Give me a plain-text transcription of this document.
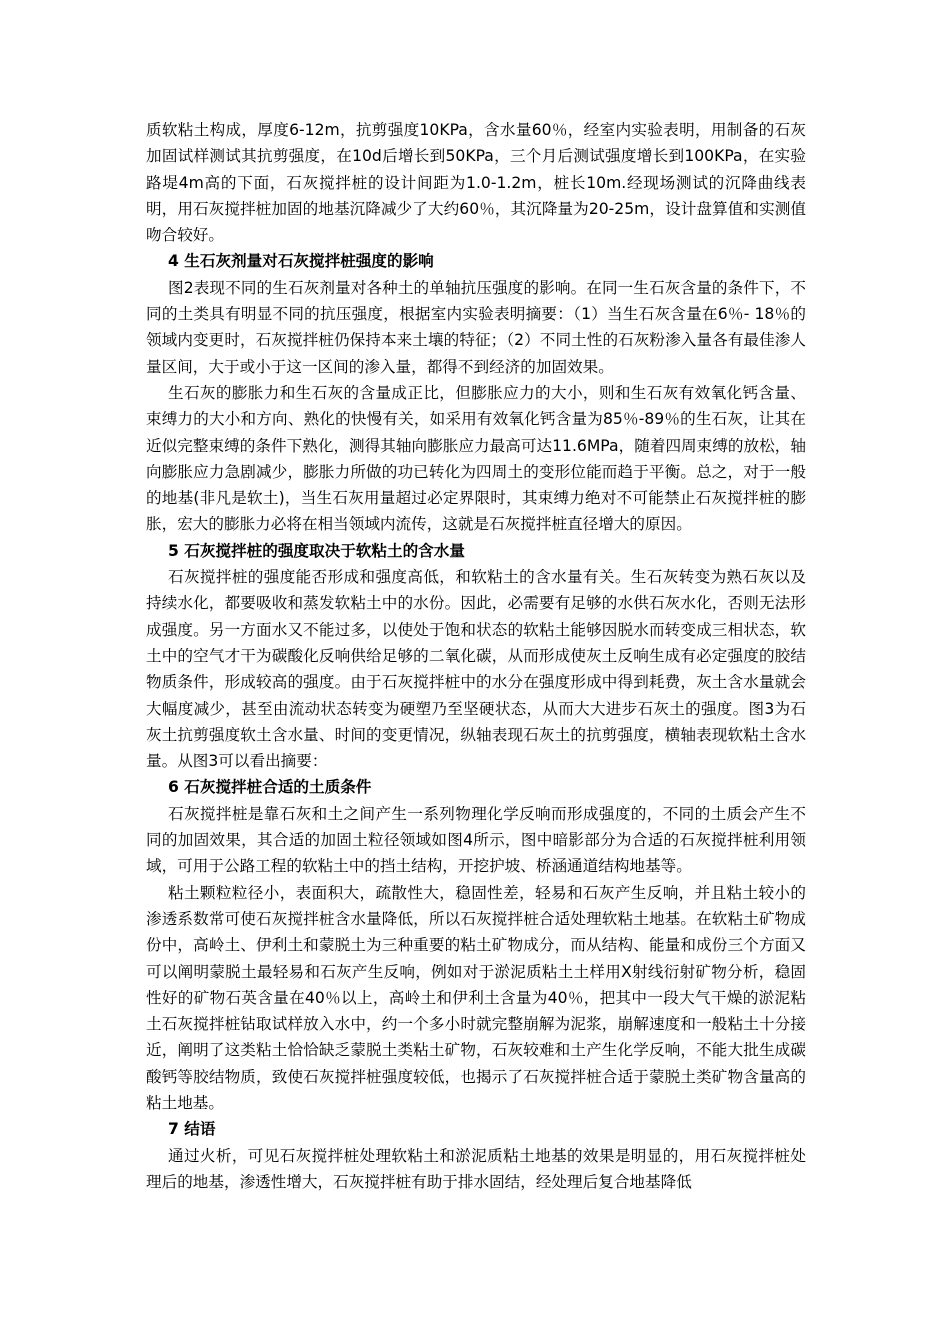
质软粘土构成，厚度6-12m，抗剪强度10KPa，含水量60％，经室内实验表明，用制备的石灰加固试样测试其抗剪强度，在10d后增长到50KPa，三个月后测试强度增长到100KPa，在实验路堤4m高的下面，石灰搅拌桩的设计间距为1.0-1.2m，桩长10m.经现场测试的沉降曲线表明，用石灰搅拌桩加固的地基沉降减少了大约60％，其沉降量为20-25m，设计盘算值和实测值吻合较好。

4 生石灰剂量对石灰搅拌桩强度的影响

图2表现不同的生石灰剂量对各种土的单轴抗压强度的影响。在同一生石灰含量的条件下，不同的土类具有明显不同的抗压强度，根据室内实验表明摘要：（1）当生石灰含量在6％- 18％的领域内变更时，石灰搅拌桩仍保持本来土壤的特征；（2）不同土性的石灰粉渗入量各有最佳渗人量区间，大于或小于这一区间的渗入量，都得不到经济的加固效果。

生石灰的膨胀力和生石灰的含量成正比，但膨胀应力的大小，则和生石灰有效氧化钙含量、束缚力的大小和方向、熟化的快慢有关，如采用有效氧化钙含量为85％-89％的生石灰，让其在近似完整束缚的条件下熟化，测得其轴向膨胀应力最高可达11.6MPa，随着四周束缚的放松，轴向膨胀应力急剧减少，膨胀力所做的功已转化为四周土的变形位能而趋于平衡。总之，对于一般的地基(非凡是软土)，当生石灰用量超过必定界限时，其束缚力绝对不可能禁止石灰搅拌桩的膨胀，宏大的膨胀力必将在相当领域内流传，这就是石灰搅拌桩直径增大的原因。

5 石灰搅拌桩的强度取决于软粘土的含水量

石灰搅拌桩的强度能否形成和强度高低，和软粘土的含水量有关。生石灰转变为熟石灰以及持续水化，都要吸收和蒸发软粘土中的水份。因此，必需要有足够的水供石灰水化，否则无法形成强度。另一方面水又不能过多，以使处于饱和状态的软粘土能够因脱水而转变成三相状态，软土中的空气才干为碳酸化反响供给足够的二氧化碳，从而形成使灰土反响生成有必定强度的胶结物质条件，形成较高的强度。由于石灰搅拌桩中的水分在强度形成中得到耗费，灰土含水量就会大幅度减少，甚至由流动状态转变为硬塑乃至坚硬状态，从而大大进步石灰土的强度。图3为石灰土抗剪强度软土含水量、时间的变更情况，纵轴表现石灰土的抗剪强度，横轴表现软粘土含水量。从图3可以看出摘要：

6 石灰搅拌桩合适的土质条件

石灰搅拌桩是靠石灰和土之间产生一系列物理化学反响而形成强度的，不同的土质会产生不同的加固效果，其合适的加固土粒径领域如图4所示，图中暗影部分为合适的石灰搅拌桩利用领域，可用于公路工程的软粘土中的挡土结构，开挖护坡、桥涵通道结构地基等。

粘土颗粒粒径小，表面积大，疏散性大，稳固性差，轻易和石灰产生反响，并且粘土较小的渗透系数常可使石灰搅拌桩含水量降低，所以石灰搅拌桩合适处理软粘土地基。在软粘土矿物成份中，高岭土、伊利土和蒙脱土为三种重要的粘土矿物成分，而从结构、能量和成份三个方面又可以阐明蒙脱土最轻易和石灰产生反响，例如对于淤泥质粘土土样用X射线衍射矿物分析，稳固性好的矿物石英含量在40％以上，高岭土和伊利土含量为40％，把其中一段大气干燥的淤泥粘土石灰搅拌桩钻取试样放入水中，约一个多小时就完整崩解为泥浆，崩解速度和一般粘土十分接近，阐明了这类粘土恰恰缺乏蒙脱土类粘土矿物，石灰较难和土产生化学反响，不能大批生成碳酸钙等胶结物质，致使石灰搅拌桩强度较低，也揭示了石灰搅拌桩合适于蒙脱土类矿物含量高的粘土地基。

7 结语

通过火析，可见石灰搅拌桩处理软粘土和淤泥质粘土地基的效果是明显的，用石灰搅拌桩处理后的地基，渗透性增大，石灰搅拌桩有助于排水固结，经处理后复合地基降低
